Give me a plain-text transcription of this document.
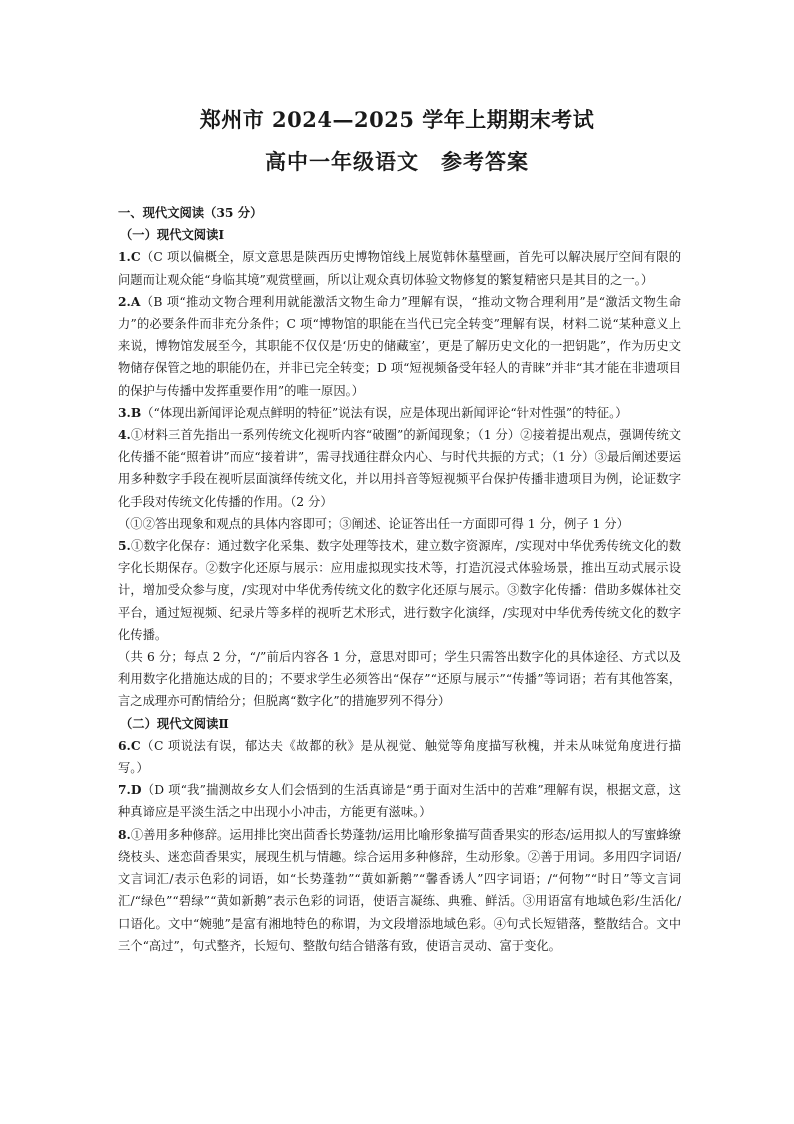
郑州市 2024—2025 学年上期期末考试
高中一年级语文　参考答案

一、现代文阅读（35 分）

（一）现代文阅读Ⅰ

1.C（C 项以偏概全，原文意思是陕西历史博物馆线上展览韩休墓壁画，首先可以解决展厅空间有限的问题而让观众能“身临其境”观赏壁画，所以让观众真切体验文物修复的繁复精密只是其目的之一。）

2.A（B 项“推动文物合理利用就能激活文物生命力”理解有误，“推动文物合理利用”是“激活文物生命力”的必要条件而非充分条件；C 项“博物馆的职能在当代已完全转变”理解有误，材料二说“某种意义上来说，博物馆发展至今，其职能不仅仅是‘历史的储藏室’，更是了解历史文化的一把钥匙”，作为历史文物储存保管之地的职能仍在，并非已完全转变；D 项“短视频备受年轻人的青睐”并非“其才能在非遗项目的保护与传播中发挥重要作用”的唯一原因。）

3.B（“体现出新闻评论观点鲜明的特征”说法有误，应是体现出新闻评论“针对性强”的特征。）

4.①材料三首先指出一系列传统文化视听内容“破圈”的新闻现象；（1 分）②接着提出观点，强调传统文化传播不能“照着讲”而应“接着讲”，需寻找通往群众内心、与时代共振的方式；（1 分）③最后阐述要运用多种数字手段在视听层面演绎传统文化，并以用抖音等短视频平台保护传播非遗项目为例，论证数字化手段对传统文化传播的作用。（2 分）

（①②答出现象和观点的具体内容即可；③阐述、论证答出任一方面即可得 1 分，例子 1 分）

5.①数字化保存：通过数字化采集、数字处理等技术，建立数字资源库，/实现对中华优秀传统文化的数字化长期保存。②数字化还原与展示：应用虚拟现实技术等，打造沉浸式体验场景，推出互动式展示设计，增加受众参与度，/实现对中华优秀传统文化的数字化还原与展示。③数字化传播：借助多媒体社交平台，通过短视频、纪录片等多样的视听艺术形式，进行数字化演绎，/实现对中华优秀传统文化的数字化传播。

（共 6 分；每点 2 分，“/”前后内容各 1 分，意思对即可；学生只需答出数字化的具体途径、方式以及利用数字化措施达成的目的；不要求学生必须答出“保存”“还原与展示”“传播”等词语；若有其他答案，言之成理亦可酌情给分；但脱离“数字化”的措施罗列不得分）

（二）现代文阅读Ⅱ

6.C（C 项说法有误，郁达夫《故都的秋》是从视觉、触觉等角度描写秋槐，并未从味觉角度进行描写。）

7.D（D 项“我”揣测故乡女人们会悟到的生活真谛是“勇于面对生活中的苦难”理解有误，根据文意，这种真谛应是平淡生活之中出现小小冲击，方能更有滋味。）

8.①善用多种修辞。运用排比突出茴香长势蓬勃/运用比喻形象描写茴香果实的形态/运用拟人的写蜜蜂缭绕枝头、迷恋茴香果实，展现生机与情趣。综合运用多种修辞，生动形象。②善于用词。多用四字词语/文言词汇/表示色彩的词语，如“长势蓬勃”“黄如新鹅”“馨香诱人”四字词语；/“何物”“时日”等文言词汇/“绿色”“碧绿”“黄如新鹅”表示色彩的词语，使语言凝练、典雅、鲜活。③用语富有地域色彩/生活化/口语化。文中“婉驰”是富有湘地特色的称谓，为文段增添地域色彩。④句式长短错落，整散结合。文中三个“高过”，句式整齐，长短句、整散句结合错落有致，使语言灵动、富于变化。
